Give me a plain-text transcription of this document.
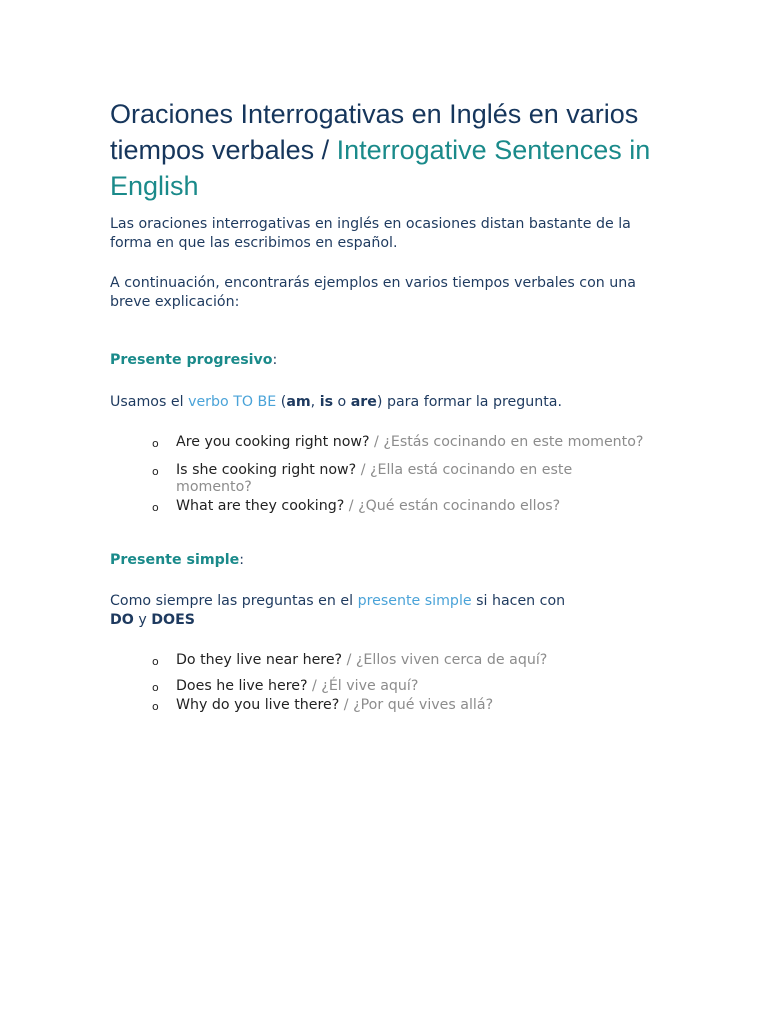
Oraciones Interrogativas en Inglés en varios tiempos verbales / Interrogative Sentences in English

Las oraciones interrogativas en inglés en ocasiones distan bastante de la forma en que las escribimos en español.

A continuación, encontrarás ejemplos en varios tiempos verbales con una breve explicación:

Presente progresivo:

Usamos el verbo TO BE (am, is o are) para formar la pregunta.

o Are you cooking right now? / ¿Estás cocinando en este momento?
o Is she cooking right now? / ¿Ella está cocinando en este momento?
o What are they cooking? / ¿Qué están cocinando ellos?

Presente simple:

Como siempre las preguntas en el presente simple si hacen con DO y DOES

o Do they live near here? / ¿Ellos viven cerca de aquí?
o Does he live here? / ¿Él vive aquí?
o Why do you live there? / ¿Por qué vives allá?
